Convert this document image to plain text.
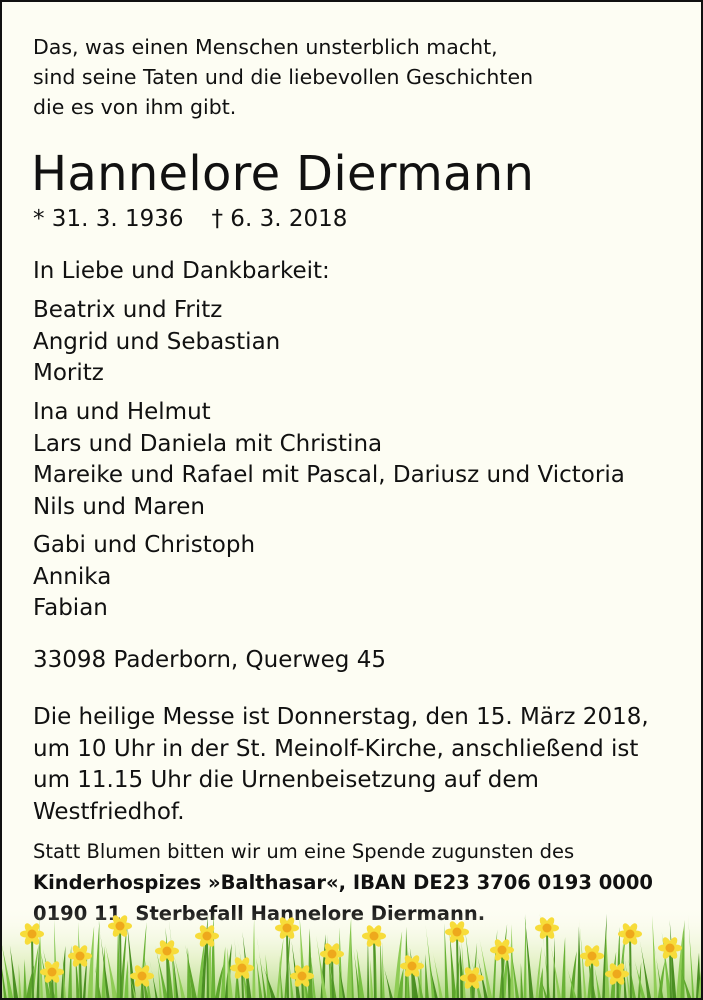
Das, was einen Menschen unsterblich macht,
sind seine Taten und die liebevollen Geschichten
die es von ihm gibt.
Hannelore Diermann
* 31. 3. 1936 † 6. 3. 2018
In Liebe und Dankbarkeit:
Beatrix und Fritz
Angrid und Sebastian
Moritz
Ina und Helmut
Lars und Daniela mit Christina
Mareike und Rafael mit Pascal, Dariusz und Victoria
Nils und Maren
Gabi und Christoph
Annika
Fabian
33098 Paderborn, Querweg 45
Die heilige Messe ist Donnerstag, den 15. März 2018,
um 10 Uhr in der St. Meinolf-Kirche, anschließend ist
um 11.15 Uhr die Urnenbeisetzung auf dem
Westfriedhof.
Statt Blumen bitten wir um eine Spende zugunsten des
Kinderhospizes »Balthasar«, IBAN DE23 3706 0193 0000
